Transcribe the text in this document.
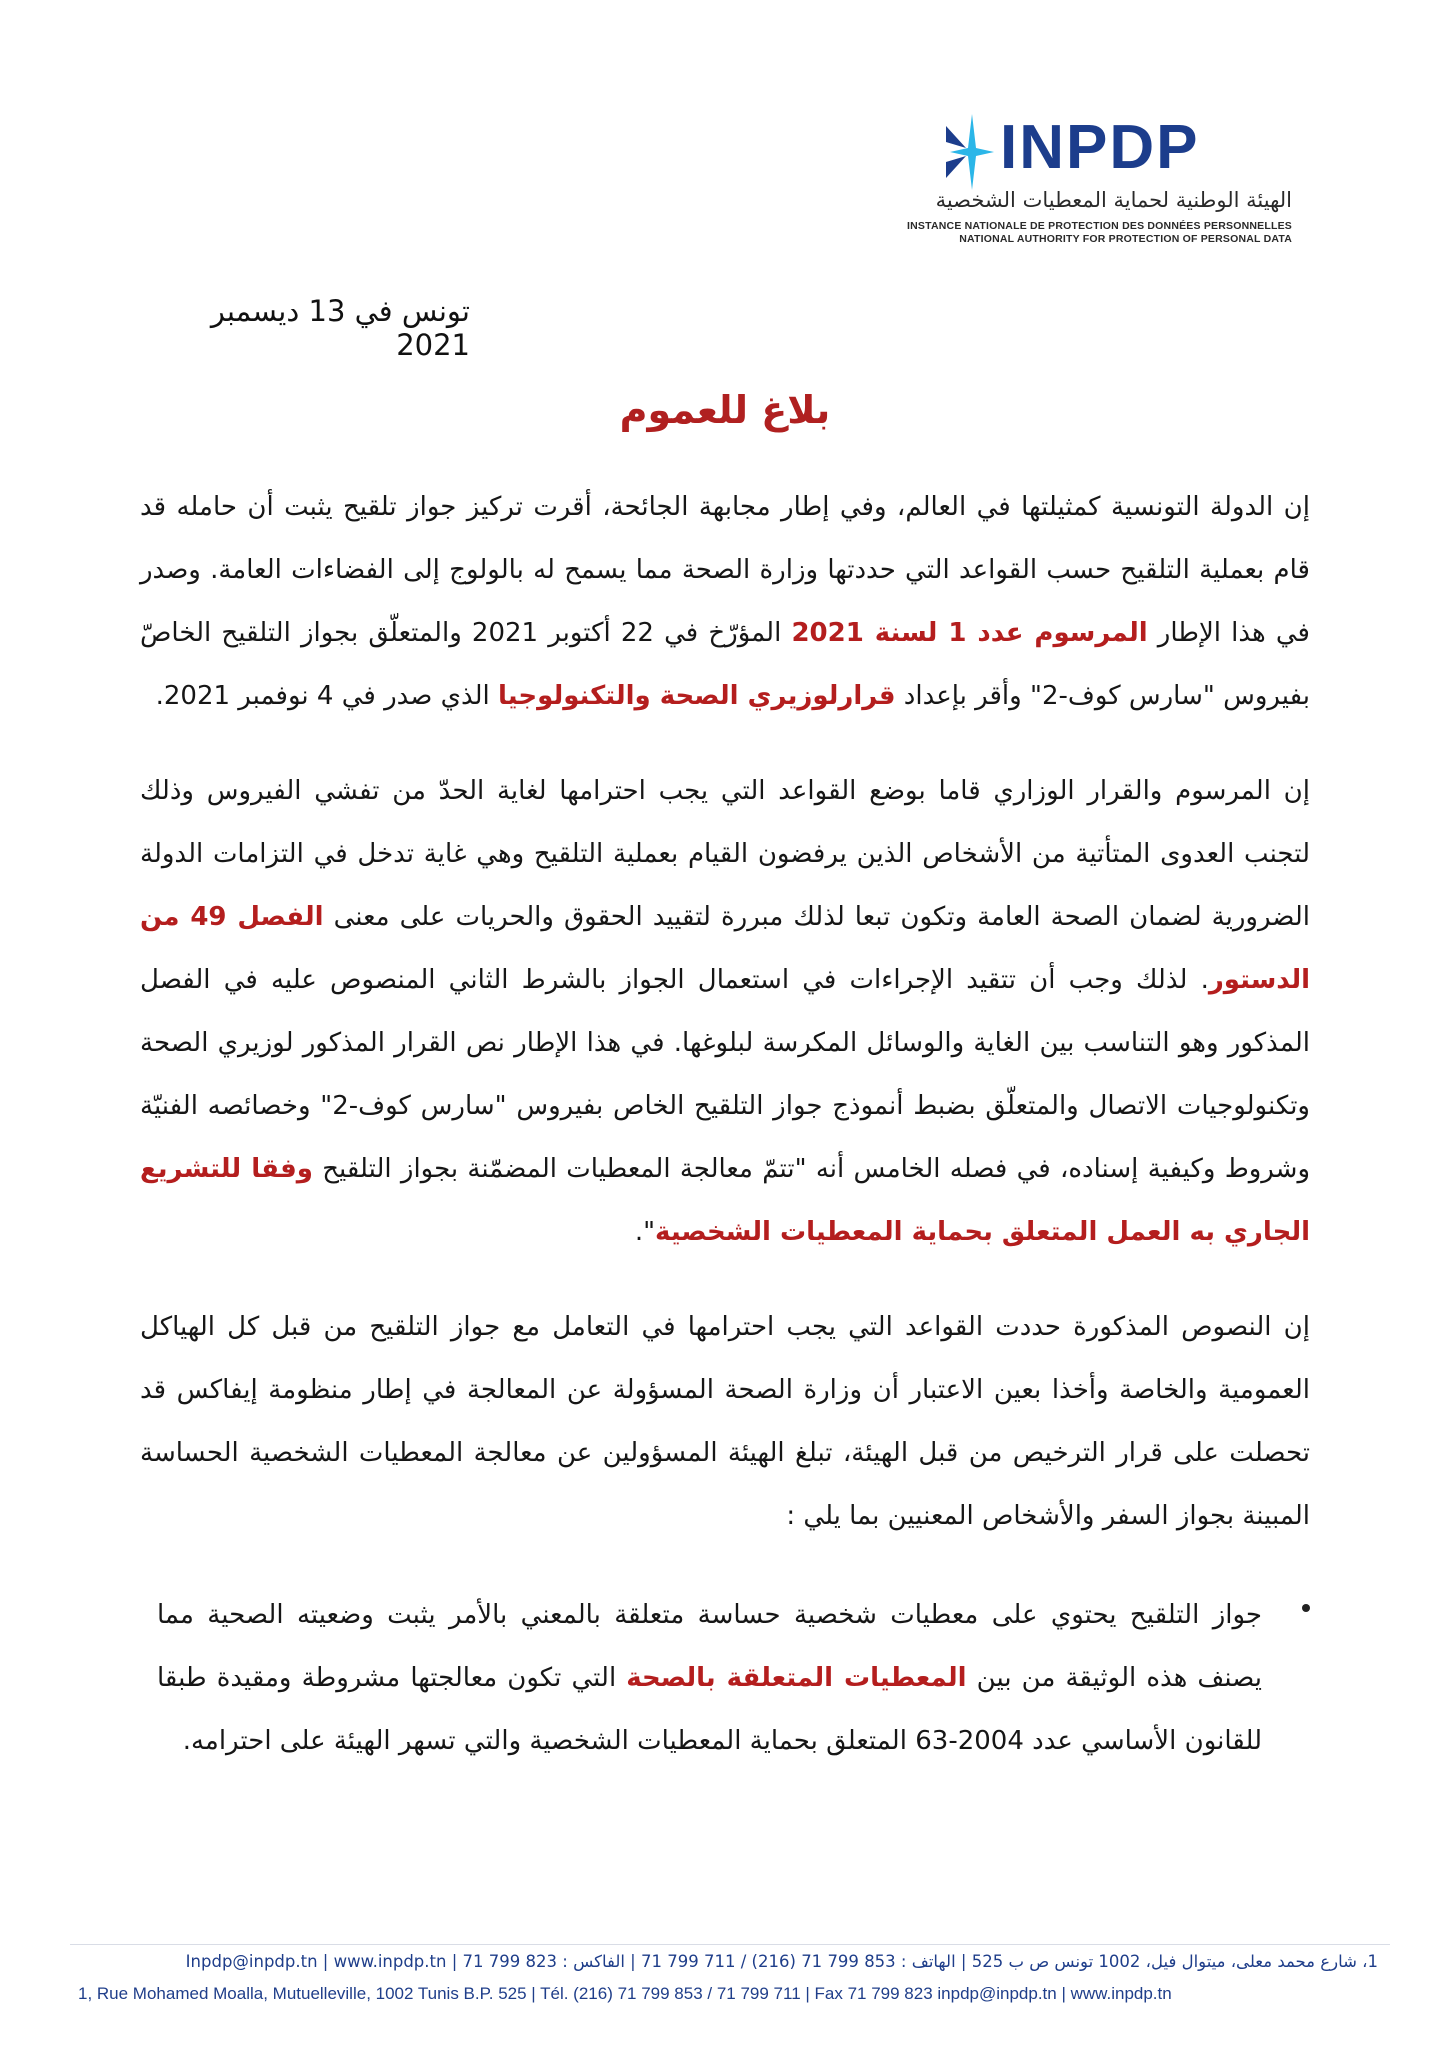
INPDP
الهيئة الوطنية لحماية المعطيات الشخصية
INSTANCE NATIONALE DE PROTECTION DES DONNÉES PERSONNELLES
NATIONAL AUTHORITY FOR PROTECTION OF PERSONAL DATA
تونس في 13 ديسمبر 2021
بلاغ للعموم

إن الدولة التونسية كمثيلتها في العالم، وفي إطار مجابهة الجائحة، أقرت تركيز جواز تلقيح يثبت أن حامله قد قام بعملية التلقيح حسب القواعد التي حددتها وزارة الصحة مما يسمح له بالولوج إلى الفضاءات العامة. وصدر في هذا الإطار المرسوم عدد 1 لسنة 2021 المؤرّخ في 22 أكتوبر 2021 والمتعلّق بجواز التلقيح الخاصّ بفيروس "سارس كوف-2" وأقر بإعداد قرارلوزيري الصحة والتكنولوجيا الذي صدر في 4 نوفمبر 2021.

إن المرسوم والقرار الوزاري قاما بوضع القواعد التي يجب احترامها لغاية الحدّ من تفشي الفيروس وذلك لتجنب العدوى المتأتية من الأشخاص الذين يرفضون القيام بعملية التلقيح وهي غاية تدخل في التزامات الدولة الضرورية لضمان الصحة العامة وتكون تبعا لذلك مبررة لتقييد الحقوق والحريات على معنى الفصل 49 من الدستور. لذلك وجب أن تتقيد الإجراءات في استعمال الجواز بالشرط الثاني المنصوص عليه في الفصل المذكور وهو التناسب بين الغاية والوسائل المكرسة لبلوغها. في هذا الإطار نص القرار المذكور لوزيري الصحة وتكنولوجيات الاتصال والمتعلّق بضبط أنموذج جواز التلقيح الخاص بفيروس "سارس كوف-2" وخصائصه الفنيّة وشروط وكيفية إسناده، في فصله الخامس أنه "تتمّ معالجة المعطيات المضمّنة بجواز التلقيح وفقا للتشريع الجاري به العمل المتعلق بحماية المعطيات الشخصية".

إن النصوص المذكورة حددت القواعد التي يجب احترامها في التعامل مع جواز التلقيح من قبل كل الهياكل العمومية والخاصة وأخذا بعين الاعتبار أن وزارة الصحة المسؤولة عن المعالجة في إطار منظومة إيفاكس قد تحصلت على قرار الترخيص من قبل الهيئة، تبلغ الهيئة المسؤولين عن معالجة المعطيات الشخصية الحساسة المبينة بجواز السفر والأشخاص المعنيين بما يلي :

جواز التلقيح يحتوي على معطيات شخصية حساسة متعلقة بالمعني بالأمر يثبت وضعيته الصحية مما يصنف هذه الوثيقة من بين المعطيات المتعلقة بالصحة التي تكون معالجتها مشروطة ومقيدة طبقا للقانون الأساسي عدد 2004-63 المتعلق بحماية المعطيات الشخصية والتي تسهر الهيئة على احترامه.

1، شارع محمد معلى، ميتوال فيل، 1002 تونس ص ب 525 | الهاتف : 853 799 71 (216) / 711 799 71 | الفاكس : 823 799 71 | Inpdp@inpdp.tn | www.inpdp.tn
1, Rue Mohamed Moalla, Mutuelleville, 1002 Tunis B.P. 525 | Tél. (216) 71 799 853 / 71 799 711 | Fax 71 799 823 inpdp@inpdp.tn | www.inpdp.tn
